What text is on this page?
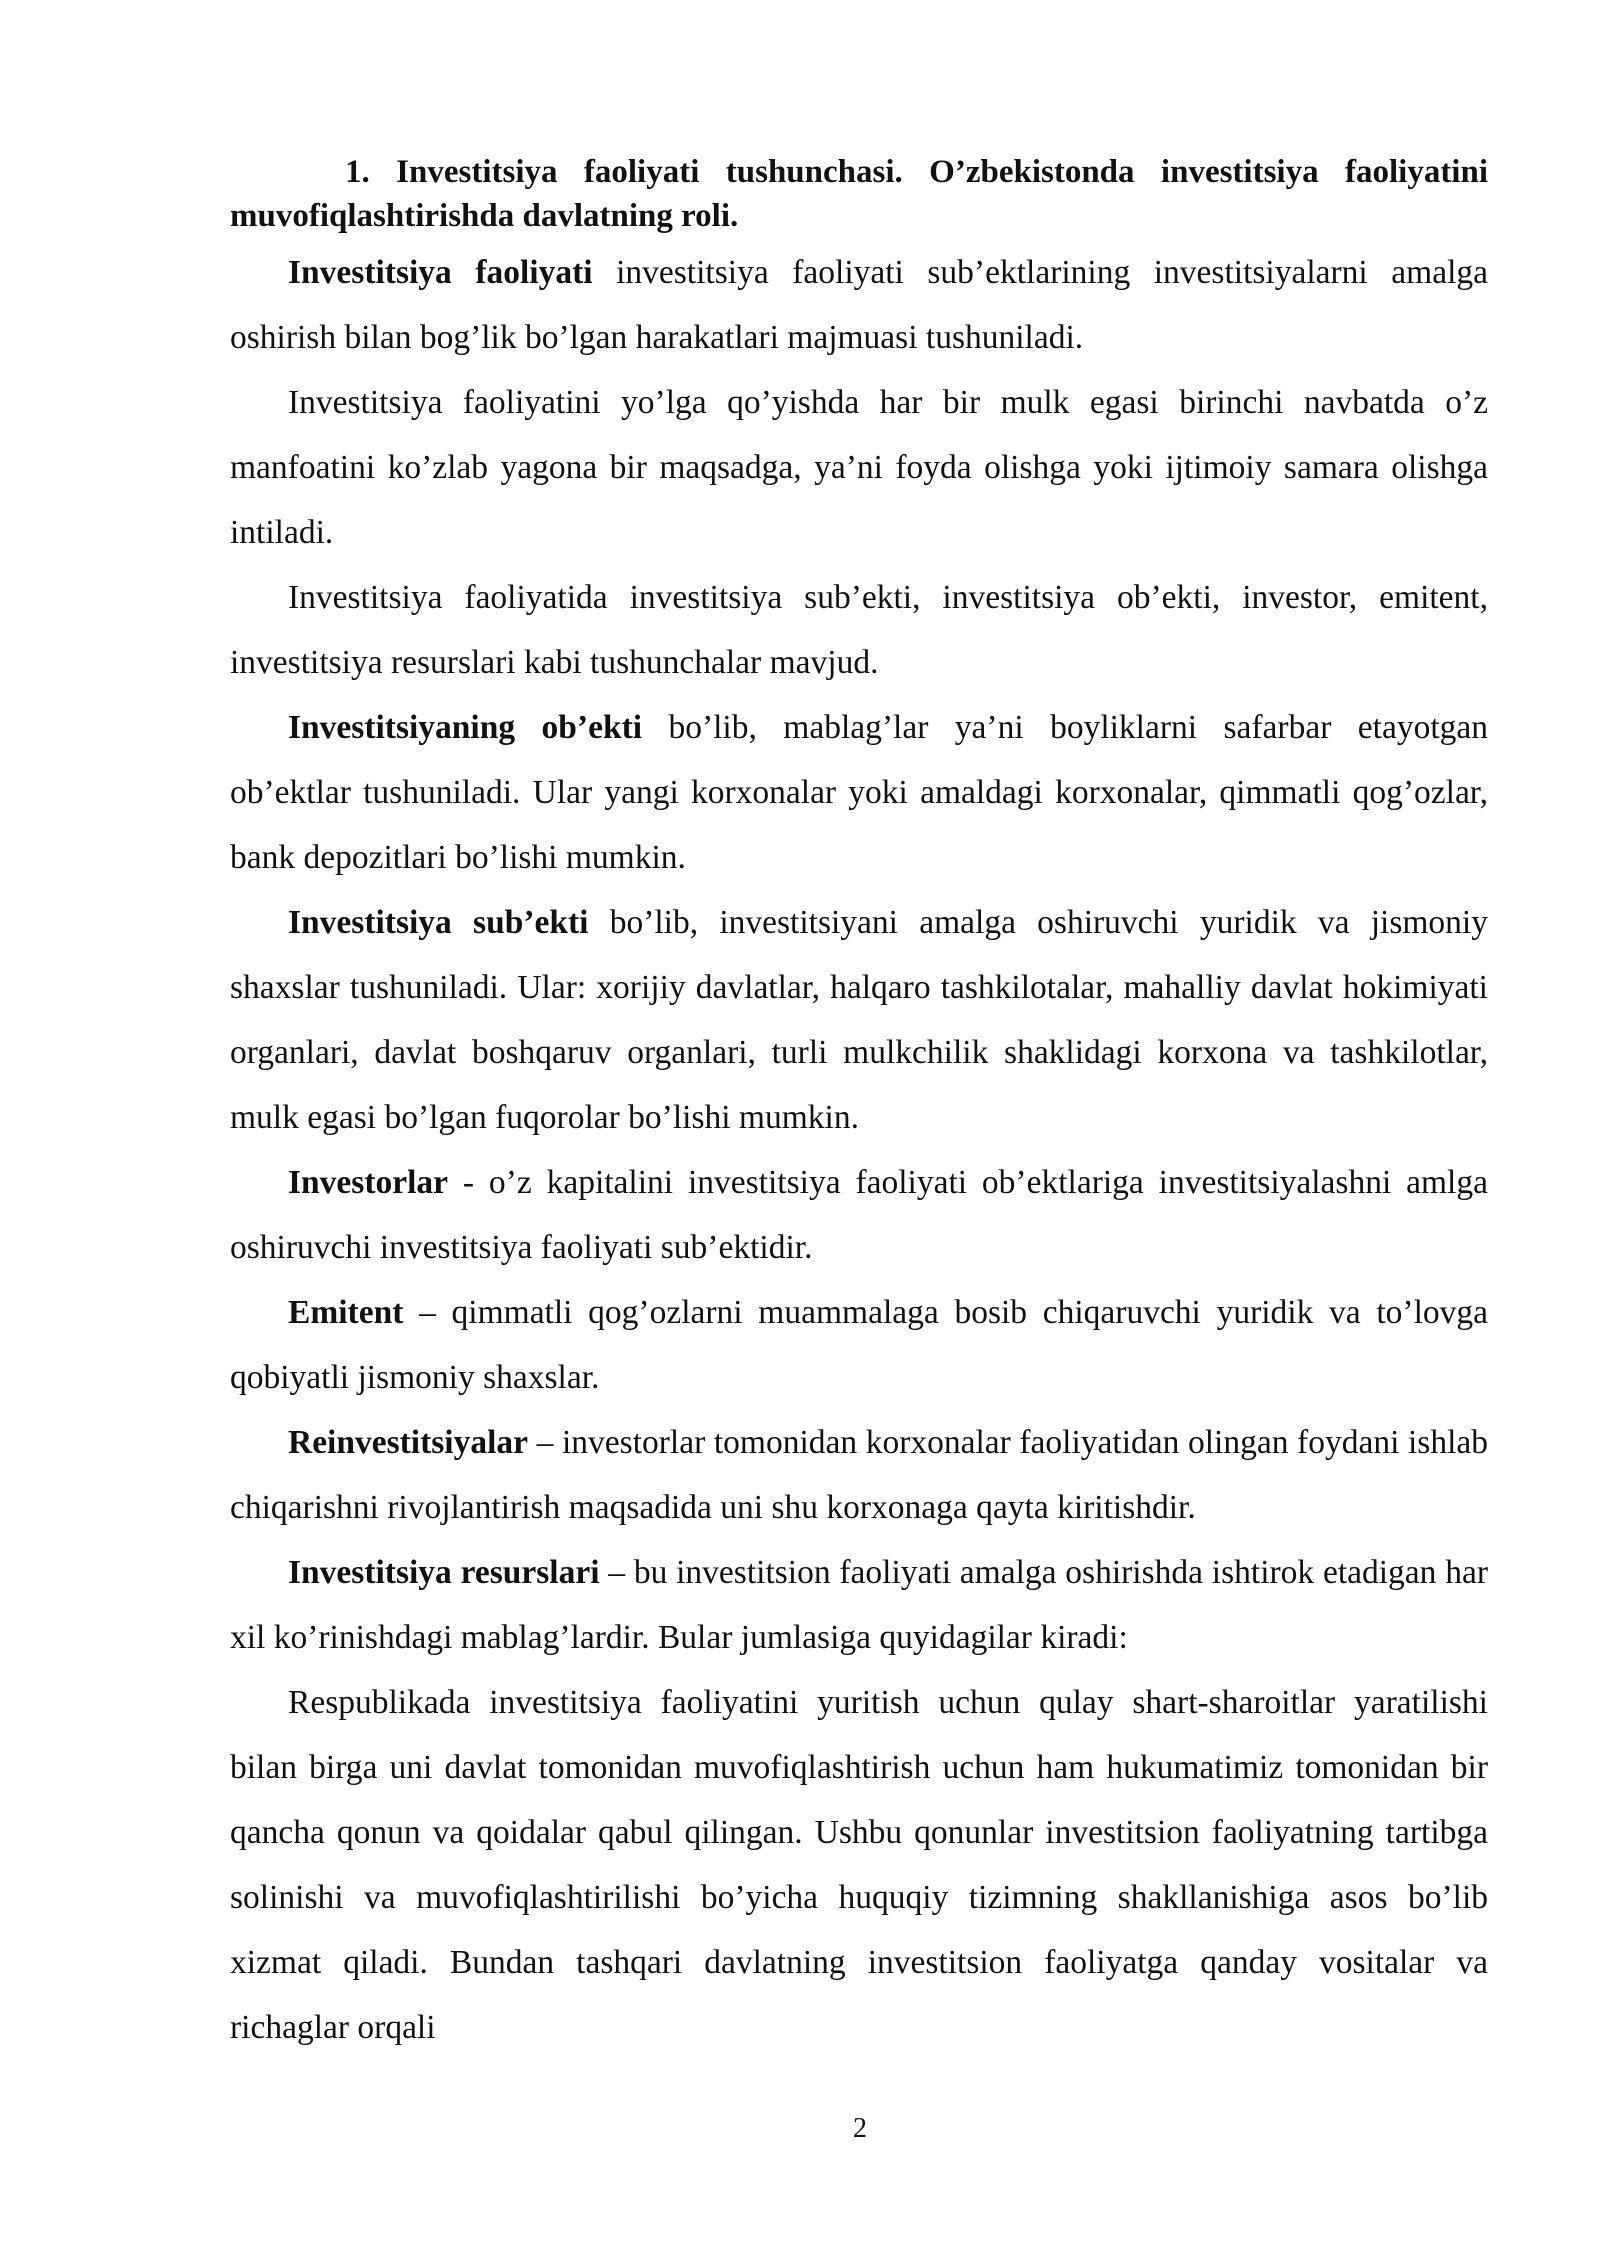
1. Investitsiya faoliyati tushunchasi. O’zbekistonda investitsiya faoliyatini muvofiqlashtirishda davlatning roli.

Investitsiya faoliyati investitsiya faoliyati sub’ektlarining investitsiyalarni amalga oshirish bilan bog’lik bo’lgan harakatlari majmuasi tushuniladi.

Investitsiya faoliyatini yo’lga qo’yishda har bir mulk egasi birinchi navbatda o’z manfoatini ko’zlab yagona bir maqsadga, ya’ni foyda olishga yoki ijtimoiy samara olishga intiladi.

Investitsiya faoliyatida investitsiya sub’ekti, investitsiya ob’ekti, investor, emitent, investitsiya resurslari kabi tushunchalar mavjud.

Investitsiyaning ob’ekti bo’lib, mablag’lar ya’ni boyliklarni safarbar etayotgan ob’ektlar tushuniladi. Ular yangi korxonalar yoki amaldagi korxonalar, qimmatli qog’ozlar, bank depozitlari bo’lishi mumkin.

Investitsiya sub’ekti bo’lib, investitsiyani amalga oshiruvchi yuridik va jismoniy shaxslar tushuniladi. Ular: xorijiy davlatlar, halqaro tashkilotalar, mahalliy davlat hokimiyati organlari, davlat boshqaruv organlari, turli mulkchilik shaklidagi korxona va tashkilotlar, mulk egasi bo’lgan fuqorolar bo’lishi mumkin.

Investorlar - o’z kapitalini investitsiya faoliyati ob’ektlariga investitsiyalashni amlga oshiruvchi investitsiya faoliyati sub’ektidir.

Emitent – qimmatli qog’ozlarni muammalaga bosib chiqaruvchi yuridik va to’lovga qobiyatli jismoniy shaxslar.

Reinvestitsiyalar – investorlar tomonidan korxonalar faoliyatidan olingan foydani ishlab chiqarishni rivojlantirish maqsadida uni shu korxonaga qayta kiritishdir.

Investitsiya resurslari – bu investitsion faoliyati amalga oshirishda ishtirok etadigan har xil ko’rinishdagi mablag’lardir. Bular jumlasiga quyidagilar kiradi:

Respublikada investitsiya faoliyatini yuritish uchun qulay shart-sharoitlar yaratilishi bilan birga uni davlat tomonidan muvofiqlashtirish uchun ham hukumatimiz tomonidan bir qancha qonun va qoidalar qabul qilingan. Ushbu qonunlar investitsion faoliyatning tartibga solinishi va muvofiqlashtirilishi bo’yicha huquqiy tizimning shakllanishiga asos bo’lib xizmat qiladi. Bundan tashqari davlatning investitsion faoliyatga qanday vositalar va richaglar orqali

2
